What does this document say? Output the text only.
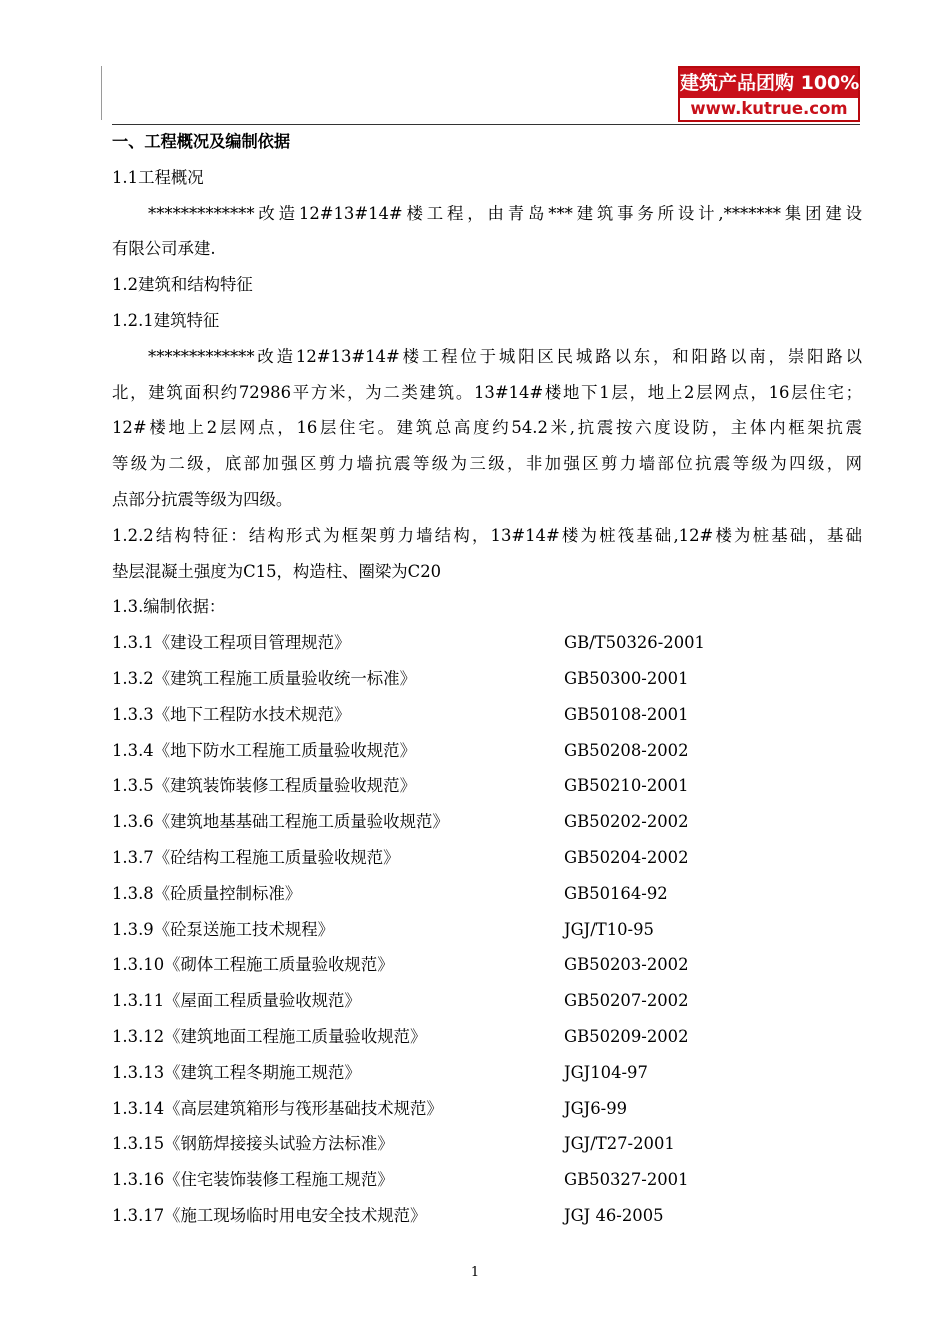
建筑产品团购 100%正品
www.kutrue.com
一、工程概况及编制依据
1.1工程概况
*************改造12#13#14#楼工程，由青岛***建筑事务所设计,*******集团建设
有限公司承建.
1.2建筑和结构特征
1.2.1建筑特征
*************改造12#13#14#楼工程位于城阳区民城路以东，和阳路以南，崇阳路以
北，建筑面积约72986平方米，为二类建筑。13#14#楼地下1层，地上2层网点，16层住宅；
12#楼地上2层网点，16层住宅。建筑总高度约54.2米,抗震按六度设防，主体内框架抗震
等级为二级，底部加强区剪力墙抗震等级为三级，非加强区剪力墙部位抗震等级为四级，网
点部分抗震等级为四级。
1.2.2结构特征：结构形式为框架剪力墙结构，13#14#楼为桩筏基础,12#楼为桩基础，基础
垫层混凝土强度为C15，构造柱、圈梁为C20
1.3.编制依据：
1.3.1《建设工程项目管理规范》	GB/T50326-2001
1.3.2《建筑工程施工质量验收统一标准》	GB50300-2001
1.3.3《地下工程防水技术规范》	GB50108-2001
1.3.4《地下防水工程施工质量验收规范》	GB50208-2002
1.3.5《建筑装饰装修工程质量验收规范》	GB50210-2001
1.3.6《建筑地基基础工程施工质量验收规范》	GB50202-2002
1.3.7《砼结构工程施工质量验收规范》	GB50204-2002
1.3.8《砼质量控制标准》	GB50164-92
1.3.9《砼泵送施工技术规程》	JGJ/T10-95
1.3.10《砌体工程施工质量验收规范》	GB50203-2002
1.3.11《屋面工程质量验收规范》	GB50207-2002
1.3.12《建筑地面工程施工质量验收规范》	GB50209-2002
1.3.13《建筑工程冬期施工规范》	JGJ104-97
1.3.14《高层建筑箱形与筏形基础技术规范》	JGJ6-99
1.3.15《钢筋焊接接头试验方法标准》	JGJ/T27-2001
1.3.16《住宅装饰装修工程施工规范》	GB50327-2001
1.3.17《施工现场临时用电安全技术规范》	JGJ 46-2005
1
